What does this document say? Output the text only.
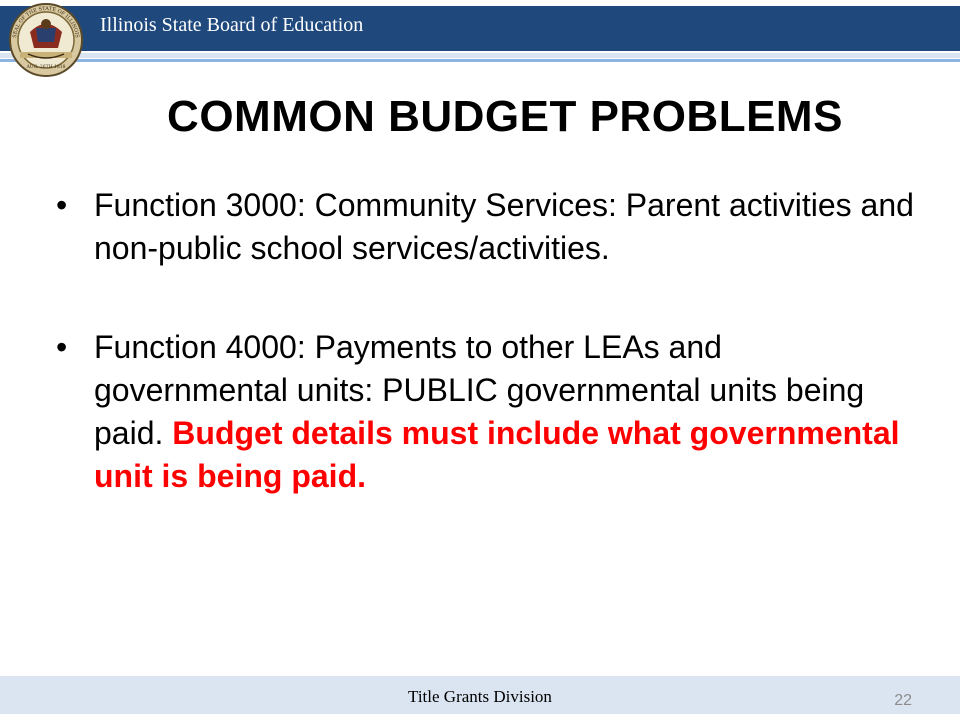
SEAL OF THE STATE OF ILLINOIS
AUG. 26TH 1818
Illinois State Board of Education
COMMON BUDGET PROBLEMS
• Function 3000: Community Services: Parent activities and non-public school services/activities.
• Function 4000: Payments to other LEAs and governmental units: PUBLIC governmental units being paid. Budget details must include what governmental unit is being paid.
Title Grants Division	22
